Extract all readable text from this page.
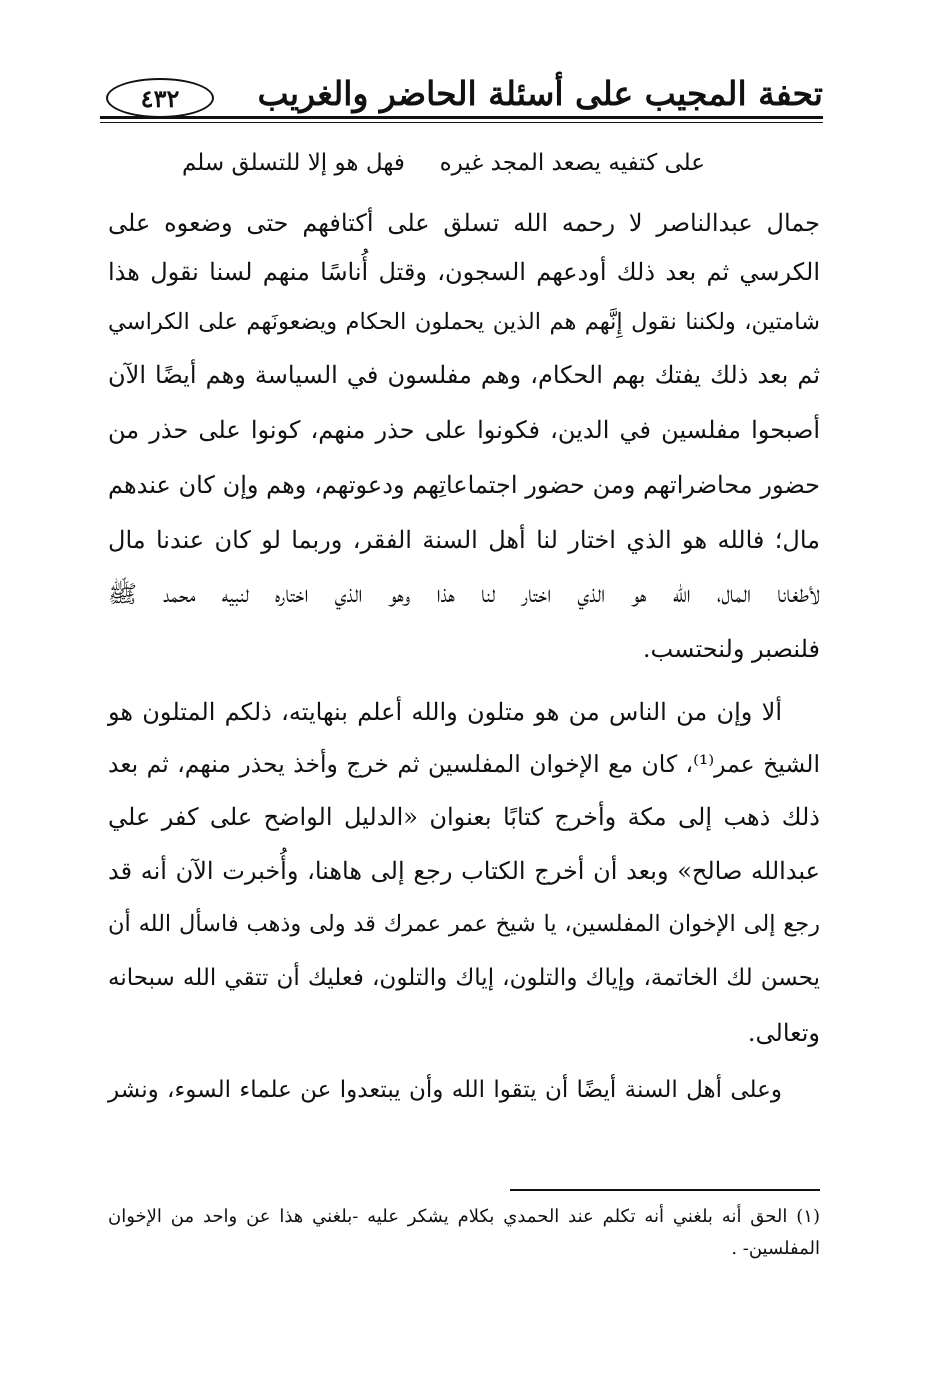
تحفة المجيب على أسئلة الحاضر والغريب
٤٣٢
على كتفيه يصعد المجد غيره
فهل هو إلا للتسلق سلم
جمال عبدالناصر لا رحمه الله تسلق على أكتافهم حتى وضعوه على
الكرسي ثم بعد ذلك أودعهم السجون، وقتل أُناسًا منهم لسنا نقول هذا
شامتين، ولكننا نقول إِنَّهم هم الذين يحملون الحكام ويضعونَهم على الكراسي
ثم بعد ذلك يفتك بهم الحكام، وهم مفلسون في السياسة وهم أيضًا الآن
أصبحوا مفلسين في الدين، فكونوا على حذر منهم، كونوا على حذر من
حضور محاضراتهم ومن حضور اجتماعاتِهم ودعوتهم، وهم وإن كان عندهم
مال؛ فالله هو الذي اختار لنا أهل السنة الفقر، وربما لو كان عندنا مال
لأطغانا المال، الله هو الذي اختار لنا هذا وهو الذي اختاره لنبيه محمد ﷺ
فلنصبر ولنحتسب.
ألا وإن من الناس من هو متلون والله أعلم بنهايته، ذلكم المتلون هو
الشيخ عمر⁽¹⁾، كان مع الإخوان المفلسين ثم خرج وأخذ يحذر منهم، ثم بعد
ذلك ذهب إلى مكة وأخرج كتابًا بعنوان «الدليل الواضح على كفر علي
عبدالله صالح» وبعد أن أخرج الكتاب رجع إلى هاهنا، وأُخبرت الآن أنه قد
رجع إلى الإخوان المفلسين، يا شيخ عمر عمرك قد ولى وذهب فاسأل الله أن
يحسن لك الخاتمة، وإياك والتلون، إياك والتلون، فعليك أن تتقي الله سبحانه
وتعالى.
وعلى أهل السنة أيضًا أن يتقوا الله وأن يبتعدوا عن علماء السوء، ونشر
(١) الحق أنه بلغني أنه تكلم عند الحمدي بكلام يشكر عليه -بلغني هذا عن واحد من الإخوان
المفلسين- .
